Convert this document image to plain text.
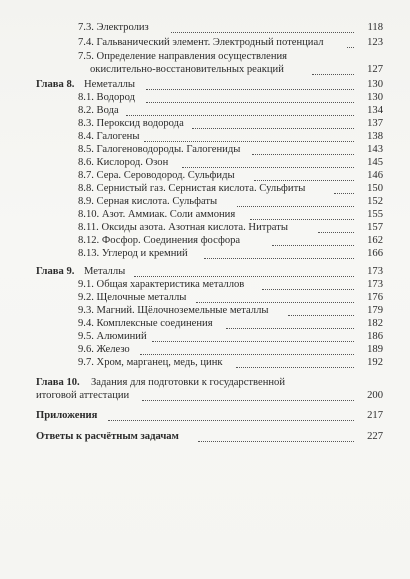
7.3. Электролиз	118
7.4. Гальванический элемент. Электродный потенциал	123
7.5. Определение направления осуществления
окислительно-восстановительных реакций	127
Глава 8. Неметаллы	130
8.1. Водород	130
8.2. Вода	134
8.3. Пероксид водорода	137
8.4. Галогены	138
8.5. Галогеноводороды. Галогениды	143
8.6. Кислород. Озон	145
8.7. Сера. Сероводород. Сульфиды	146
8.8. Сернистый газ. Сернистая кислота. Сульфиты	150
8.9. Серная кислота. Сульфаты	152
8.10. Азот. Аммиак. Соли аммония	155
8.11. Оксиды азота. Азотная кислота. Нитраты	157
8.12. Фосфор. Соединения фосфора	162
8.13. Углерод и кремний	166
Глава 9. Металлы	173
9.1. Общая характеристика металлов	173
9.2. Щелочные металлы	176
9.3. Магний. Щёлочноземельные металлы	179
9.4. Комплексные соединения	182
9.5. Алюминий	186
9.6. Железо	189
9.7. Хром, марганец, медь, цинк	192
Глава 10. Задания для подготовки к государственной
итоговой аттестации	200
Приложения	217
Ответы к расчётным задачам	227
